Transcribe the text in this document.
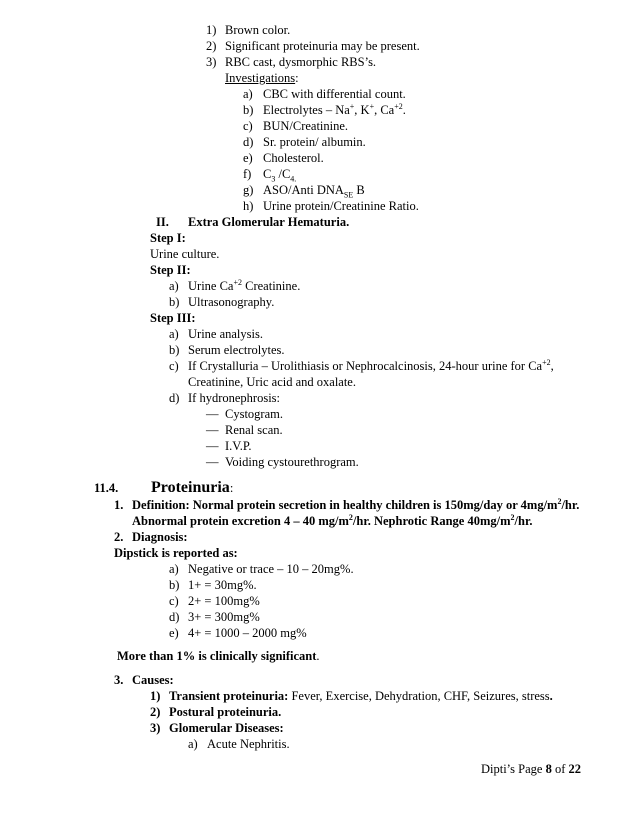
1) Brown color.
2) Significant proteinuria may be present.
3) RBC cast, dysmorphic RBS’s.
Investigations:
a) CBC with differential count.
b) Electrolytes – Na+, K+, $Ca^{+2}$.
c) BUN/Creatinine.
d) Sr. protein/ albumin.
e) Cholesterol.
f) $C_3$ $/C_{4.}$
g) ASO/Anti $DNA_{SE}$ B
h) Urine protein/Creatinine Ratio.
II. Extra Glomerular Hematuria.
Step I:
Urine culture.
Step II:
a) Urine $Ca^{+2}$ Creatinine.
b) Ultrasonography.
Step III:
a) Urine analysis.
b) Serum electrolytes.
c) If Crystalluria – Urolithiasis or Nephrocalcinosis, 24-hour urine for $Ca^{+2}$,
Creatinine, Uric acid and oxalate.
d) If hydronephrosis:
— Cystogram.
— Renal scan.
— I.V.P.
— Voiding cystourethrogram.
11.4. Proteinuria:
1. Definition: Normal protein secretion in healthy children is 150mg/day or $4mg/m^2/hr$.
Abnormal protein excretion 4 – 40 $mg/m^2/hr$. Nephrotic Range $40mg/m^2/hr$.
2. Diagnosis:
Dipstick is reported as:
a) Negative or trace – 10 – 20mg%.
b) 1+ = 30mg%.
c) 2+ = 100mg%
d) 3+ = 300mg%
e) 4+ = 1000 – 2000 mg%
More than 1% is clinically significant.
3. Causes:
1) Transient proteinuria: Fever, Exercise, Dehydration, CHF, Seizures, stress.
2) Postural proteinuria.
3) Glomerular Diseases:
a) Acute Nephritis.
Dipti’s Page 8 of 22
